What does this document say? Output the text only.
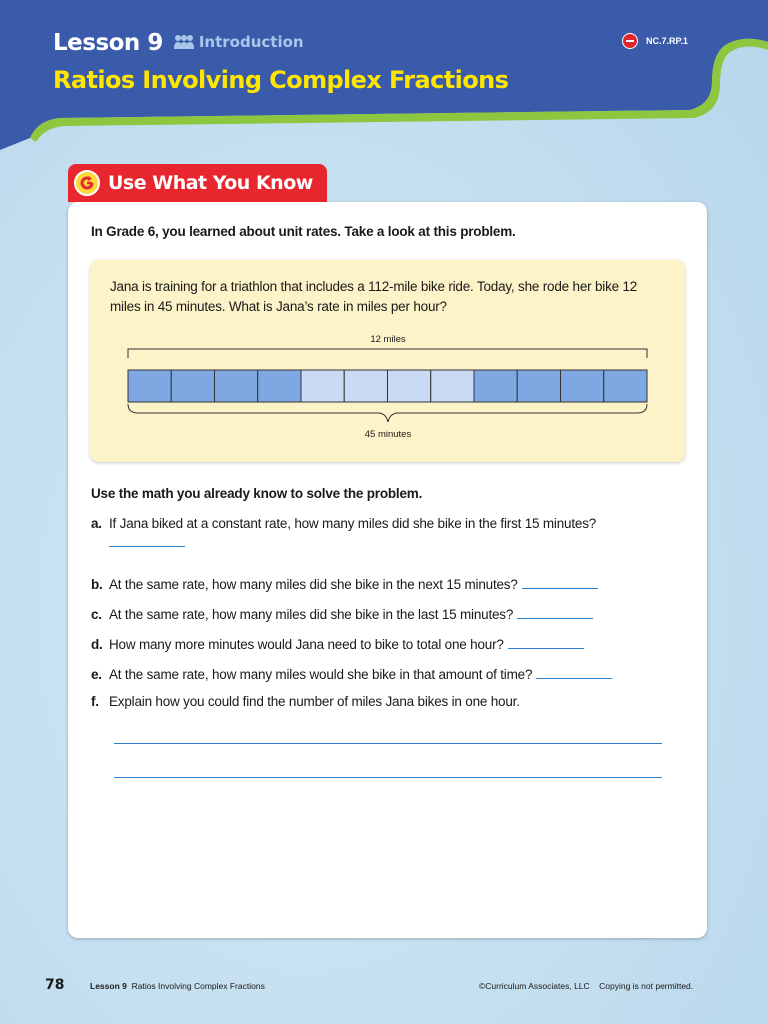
Lesson 9 Introduction
Ratios Involving Complex Fractions
NC.7.RP.1
Use What You Know
In Grade 6, you learned about unit rates. Take a look at this problem.
Jana is training for a triathlon that includes a 112-mile bike ride. Today, she rode her bike 12 miles in 45 minutes. What is Jana’s rate in miles per hour?
12 miles
45 minutes
Use the math you already know to solve the problem.
a. If Jana biked at a constant rate, how many miles did she bike in the first 15 minutes?
b. At the same rate, how many miles did she bike in the next 15 minutes?
c. At the same rate, how many miles did she bike in the last 15 minutes?
d. How many more minutes would Jana need to bike to total one hour?
e. At the same rate, how many miles would she bike in that amount of time?
f. Explain how you could find the number of miles Jana bikes in one hour.
78	Lesson 9 Ratios Involving Complex Fractions	©Curriculum Associates, LLC Copying is not permitted.
